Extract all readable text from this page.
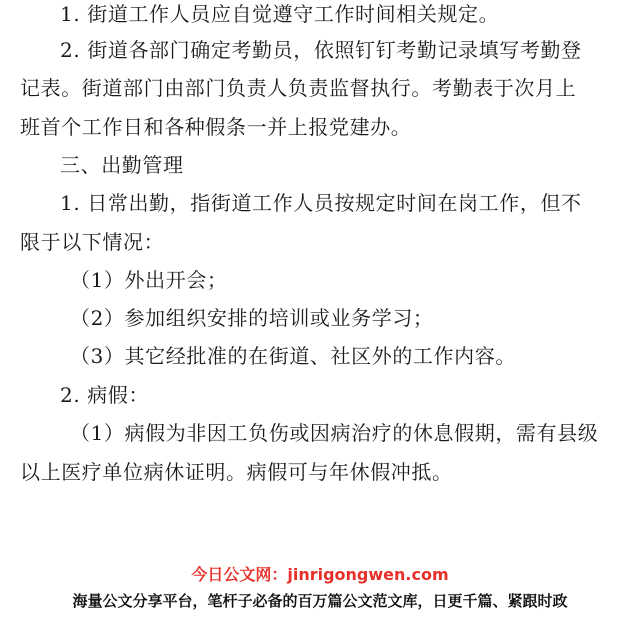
1. 街道工作人员应自觉遵守工作时间相关规定。
2. 街道各部门确定考勤员，依照钉钉考勤记录填写考勤登
记表。街道部门由部门负责人负责监督执行。考勤表于次月上
班首个工作日和各种假条一并上报党建办。
三、出勤管理
1. 日常出勤，指街道工作人员按规定时间在岗工作，但不
限于以下情况：
（1）外出开会；
（2）参加组织安排的培训或业务学习；
（3）其它经批准的在街道、社区外的工作内容。
2. 病假：
（1）病假为非因工负伤或因病治疗的休息假期，需有县级
以上医疗单位病休证明。病假可与年休假冲抵。
今日公文网：jinrigongwen.com
海量公文分享平台，笔杆子必备的百万篇公文范文库，日更千篇、紧跟时政
